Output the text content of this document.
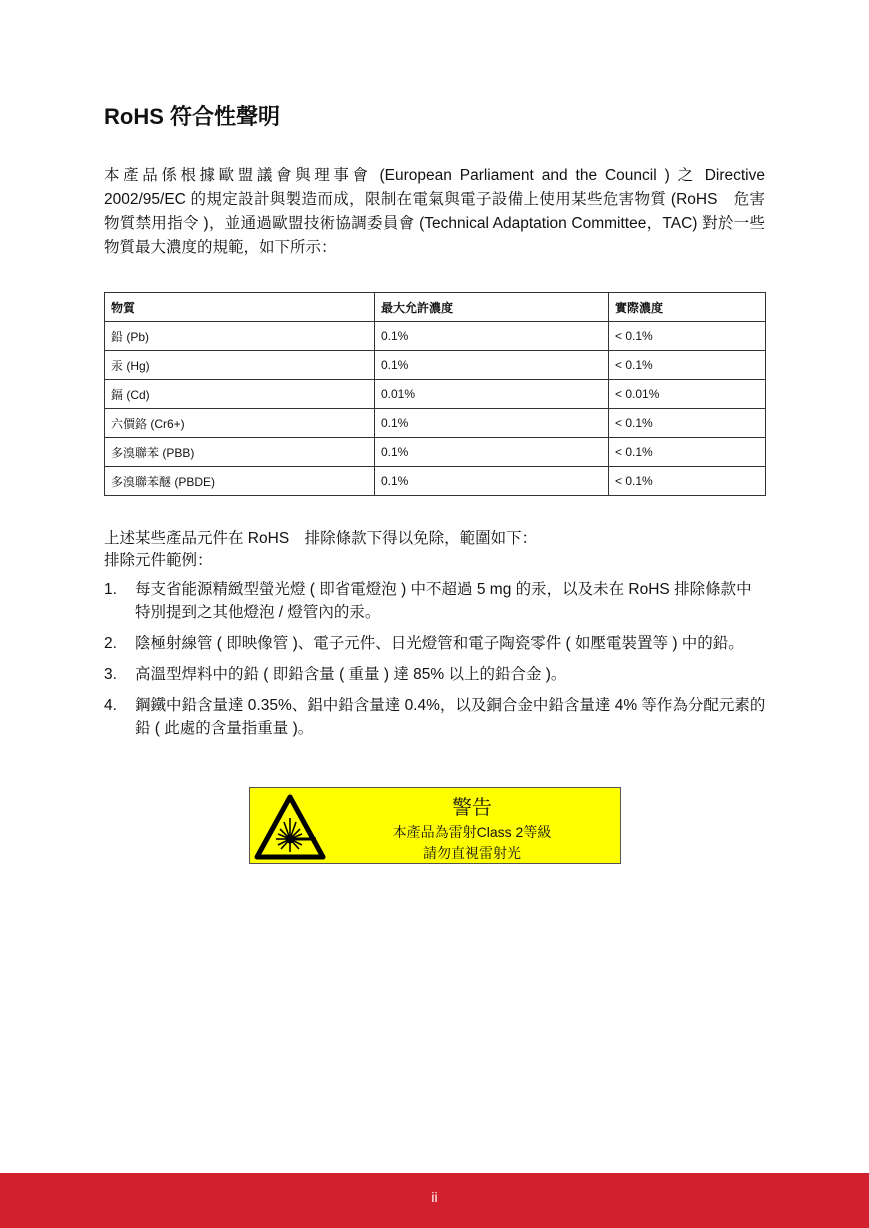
RoHS 符合性聲明

本產品係根據歐盟議會與理事會 (European Parliament and the Council ) 之 Directive 2002/95/EC 的規定設計與製造而成，限制在電氣與電子設備上使用某些危害物質 (RoHS　危害物質禁用指令 )，並通過歐盟技術協調委員會 (Technical Adaptation Committee，TAC) 對於一些物質最大濃度的規範，如下所示：

物質	最大允許濃度	實際濃度
鉛 (Pb)	0.1%	< 0.1%
汞 (Hg)	0.1%	< 0.1%
鎘 (Cd)	0.01%	< 0.01%
六價鉻 (Cr6+)	0.1%	< 0.1%
多溴聯苯 (PBB)	0.1%	< 0.1%
多溴聯苯醚 (PBDE)	0.1%	< 0.1%

上述某些產品元件在 RoHS　排除條款下得以免除，範圍如下：

排除元件範例：

1. 每支省能源精緻型螢光燈 ( 即省電燈泡 ) 中不超過 5 mg 的汞，以及未在 RoHS 排除條款中特別提到之其他燈泡 / 燈管內的汞。
2. 陰極射線管 ( 即映像管 )、電子元件、日光燈管和電子陶瓷零件 ( 如壓電裝置等 ) 中的鉛。
3. 高溫型焊料中的鉛 ( 即鉛含量 ( 重量 ) 達 85% 以上的鉛合金 )。
4. 鋼鐵中鉛含量達 0.35%、鋁中鉛含量達 0.4%，以及銅合金中鉛含量達 4% 等作為分配元素的鉛 ( 此處的含量指重量 )。

警告

本產品為雷射Class 2等級

請勿直視雷射光

ii
